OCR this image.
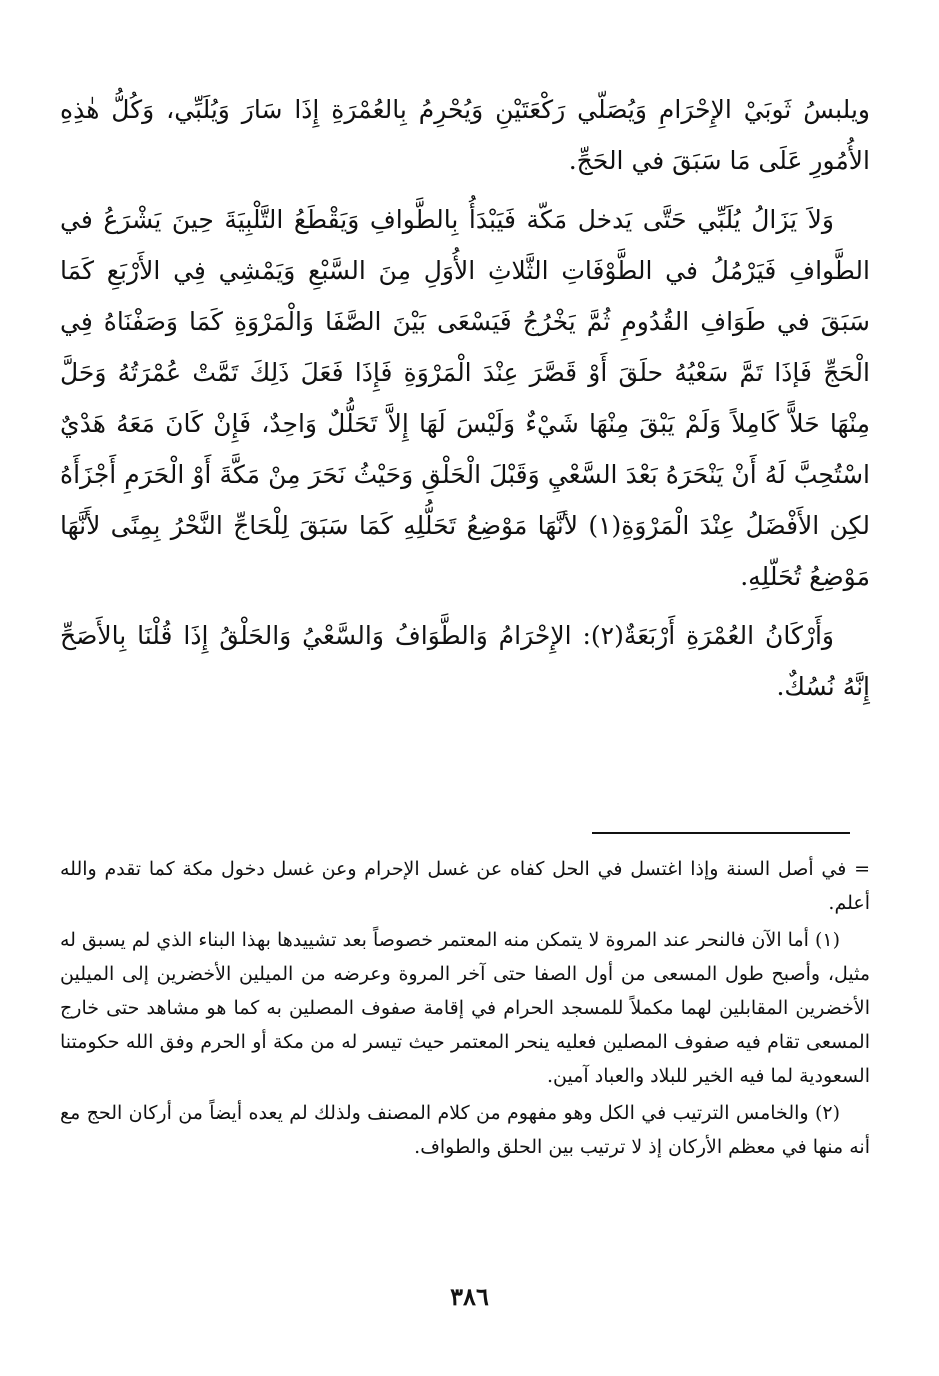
ويلبسُ ثَوبَيْ الإِحْرَامِ وَيُصَلّي رَكْعَتَيْنِ وَيُحْرِمُ بِالعُمْرَةِ إِذَا سَارَ وَيُلَبِّي، وَكُلُّ هٰذِهِ الأُمُورِ عَلَى مَا سَبَقَ في الحَجِّ.

وَلاَ يَزَالُ يُلَبِّي حَتَّى يَدخل مَكّة فَيَبْدَأُ بِالطَّوافِ وَيَقْطَعُ التَّلْبِيَةَ حِينَ يَشْرَعُ في الطَّوافِ فَيَرْمُلُ في الطَّوْفَاتِ الثَّلاثِ الأُوَلِ مِنَ السَّبْعِ وَيَمْشِي فِي الأَرْبَعِ كَمَا سَبَقَ في طَوَافِ القُدُومِ ثُمَّ يَخْرُجُ فَيَسْعَى بَيْنَ الصَّفَا وَالْمَرْوَةِ كَمَا وَصَفْنَاهُ فِي الْحَجِّ فَإذَا تَمَّ سَعْيُهُ حلَقَ أَوْ قَصَّرَ عِنْدَ الْمَرْوَةِ فَإِذَا فَعَلَ ذَلِكَ تَمَّتْ عُمْرَتُهُ وَحَلَّ مِنْهَا حَلاًّ كَامِلاً وَلَمْ يَبْقَ مِنْهَا شَيْءٌ وَلَيْسَ لَهَا إِلاَّ تَحَلُّلٌ وَاحِدٌ، فَإِنْ كَانَ مَعَهُ هَدْيٌ اسْتُحِبَّ لَهُ أَنْ يَنْحَرَهُ بَعْدَ السَّعْيِ وَقَبْلَ الْحَلْقِ وَحَيْثُ نَحَرَ مِنْ مَكَّةَ أَوْ الْحَرَمِ أَجْزَأَهُ لكِن الأَفْضَلُ عِنْدَ الْمَرْوَةِ(١) لأنَّهَا مَوْضِعُ تَحَلُّلِهِ كَمَا سَبَقَ لِلْحَاجِّ النَّحْرُ بِمِنًى لأَنَّهَا مَوْضِعُ تُحَلّلِهِ.

وَأَرْكَانُ العُمْرَةِ أَرْبَعَةٌ(٢): الإِحْرَامُ وَالطَّوَافُ وَالسَّعْيُ وَالحَلْقُ إِذَا قُلْنَا بِالأَصَحِّ إِنَّهُ نُسُكٌ.

= في أصل السنة وإذا اغتسل في الحل كفاه عن غسل الإحرام وعن غسل دخول مكة كما تقدم والله أعلم.

(١) أما الآن فالنحر عند المروة لا يتمكن منه المعتمر خصوصاً بعد تشييدها بهذا البناء الذي لم يسبق له مثيل، وأصبح طول المسعى من أول الصفا حتى آخر المروة وعرضه من الميلين الأخضرين إلى الميلين الأخضرين المقابلين لهما مكملاً للمسجد الحرام في إقامة صفوف المصلين به كما هو مشاهد حتى خارج المسعى تقام فيه صفوف المصلين فعليه ينحر المعتمر حيث تيسر له من مكة أو الحرم وفق الله حكومتنا السعودية لما فيه الخير للبلاد والعباد آمين.

(٢) والخامس الترتيب في الكل وهو مفهوم من كلام المصنف ولذلك لم يعده أيضاً من أركان الحج مع أنه منها في معظم الأركان إذ لا ترتيب بين الحلق والطواف.

٣٨٦
